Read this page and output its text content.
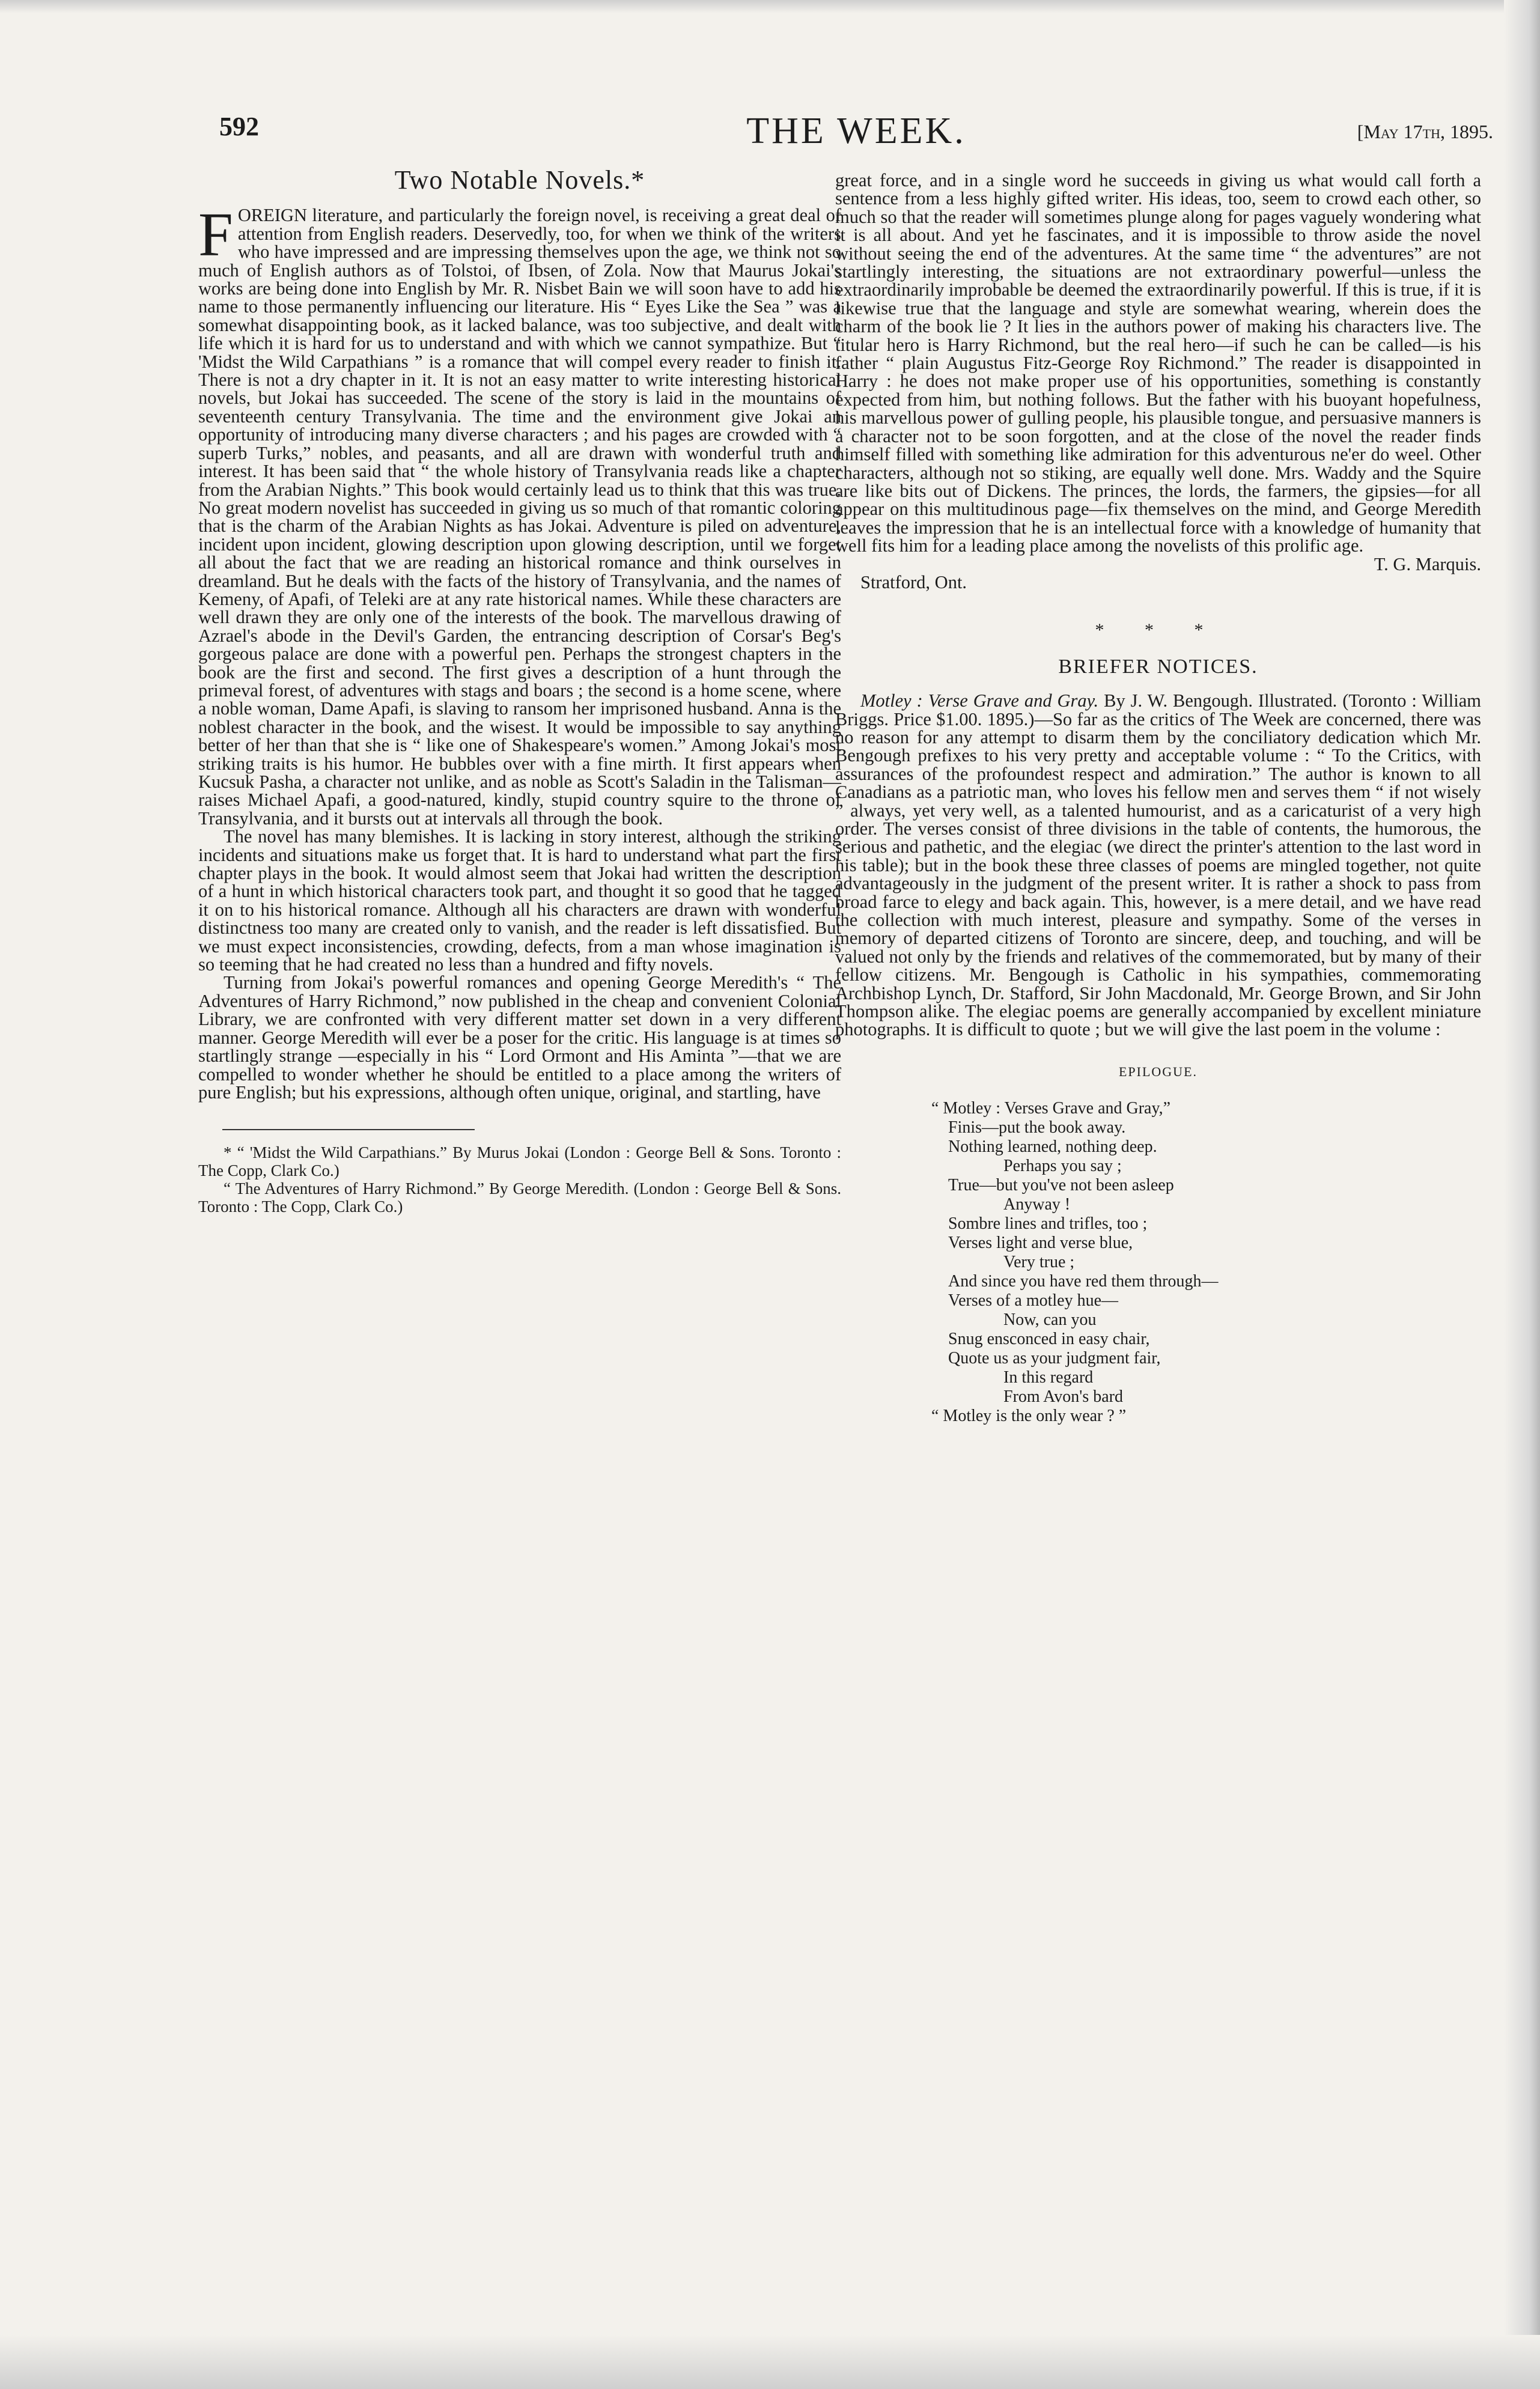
592	THE WEEK.	[May 17th, 1895.
Two Notable Novels.*

FOREIGN literature, and particularly the foreign novel, is receiving a great deal of attention from English readers. Deservedly, too, for when we think of the writers who have impressed and are impressing themselves upon the age, we think not so much of English authors as of Tolstoi, of Ibsen, of Zola. Now that Maurus Jokai's works are being done into English by Mr. R. Nisbet Bain we will soon have to add his name to those permanently influencing our literature. His “ Eyes Like the Sea ” was a somewhat disappointing book, as it lacked balance, was too subjective, and dealt with life which it is hard for us to understand and with which we cannot sympathize. But “ 'Midst the Wild Carpathians ” is a romance that will compel every reader to finish it. There is not a dry chapter in it. It is not an easy matter to write interesting historical novels, but Jokai has succeeded. The scene of the story is laid in the mountains of seventeenth century Transylvania. The time and the environment give Jokai an opportunity of introducing many diverse characters ; and his pages are crowded with “ superb Turks,” nobles, and peasants, and all are drawn with wonderful truth and interest. It has been said that “ the whole history of Transylvania reads like a chapter from the Arabian Nights.” This book would certainly lead us to think that this was true. No great modern novelist has succeeded in giving us so much of that romantic coloring that is the charm of the Arabian Nights as has Jokai. Adventure is piled on adventure, incident upon incident, glowing description upon glowing description, until we forget all about the fact that we are reading an historical romance and think ourselves in dreamland. But he deals with the facts of the history of Transylvania, and the names of Kemeny, of Apafi, of Teleki are at any rate historical names. While these characters are well drawn they are only one of the interests of the book. The marvellous drawing of Azrael's abode in the Devil's Garden, the entrancing description of Corsar's Beg's gorgeous palace are done with a powerful pen. Perhaps the strongest chapters in the book are the first and second. The first gives a description of a hunt through the primeval forest, of adventures with stags and boars ; the second is a home scene, where a noble woman, Dame Apafi, is slaving to ransom her imprisoned husband. Anna is the noblest character in the book, and the wisest. It would be impossible to say anything better of her than that she is “ like one of Shakespeare's women.” Among Jokai's most striking traits is his humor. He bubbles over with a fine mirth. It first appears when Kucsuk Pasha, a character not unlike, and as noble as Scott's Saladin in the Talisman—raises Michael Apafi, a good-natured, kindly, stupid country squire to the throne of Transylvania, and it bursts out at intervals all through the book.

The novel has many blemishes. It is lacking in story interest, although the striking incidents and situations make us forget that. It is hard to understand what part the first chapter plays in the book. It would almost seem that Jokai had written the description of a hunt in which historical characters took part, and thought it so good that he tagged it on to his historical romance. Although all his characters are drawn with wonderful distinctness too many are created only to vanish, and the reader is left dissatisfied. But we must expect inconsistencies, crowding, defects, from a man whose imagination is so teeming that he had created no less than a hundred and fifty novels.

Turning from Jokai's powerful romances and opening George Meredith's “ The Adventures of Harry Richmond,” now published in the cheap and convenient Colonial Library, we are confronted with very different matter set down in a very different manner. George Meredith will ever be a poser for the critic. His language is at times so startlingly strange —especially in his “ Lord Ormont and His Aminta ”—that we are compelled to wonder whether he should be entitled to a place among the writers of pure English; but his expressions, although often unique, original, and startling, have

* “ 'Midst the Wild Carpathians.” By Murus Jokai (London : George Bell & Sons. Toronto : The Copp, Clark Co.)

“ The Adventures of Harry Richmond.” By George Meredith. (London : George Bell & Sons. Toronto : The Copp, Clark Co.)

great force, and in a single word he succeeds in giving us what would call forth a sentence from a less highly gifted writer. His ideas, too, seem to crowd each other, so much so that the reader will sometimes plunge along for pages vaguely wondering what it is all about. And yet he fascinates, and it is impossible to throw aside the novel without seeing the end of the adventures. At the same time “ the adventures” are not startlingly interesting, the situations are not extraordinary powerful—unless the extraordinarily improbable be deemed the extraordinarily powerful. If this is true, if it is likewise true that the language and style are somewhat wearing, wherein does the charm of the book lie ? It lies in the authors power of making his characters live. The titular hero is Harry Richmond, but the real hero—if such he can be called—is his father “ plain Augustus Fitz-George Roy Richmond.” The reader is disappointed in Harry : he does not make proper use of his opportunities, something is constantly expected from him, but nothing follows. But the father with his buoyant hopefulness, his marvellous power of gulling people, his plausible tongue, and persuasive manners is a character not to be soon forgotten, and at the close of the novel the reader finds himself filled with something like admiration for this adventurous ne'er do weel. Other characters, although not so stiking, are equally well done. Mrs. Waddy and the Squire are like bits out of Dickens. The princes, the lords, the farmers, the gipsies—for all appear on this multitudinous page—fix themselves on the mind, and George Meredith leaves the impression that he is an intellectual force with a knowledge of humanity that well fits him for a leading place among the novelists of this prolific age.

T. G. Marquis.

Stratford, Ont.

* * *
BRIEFER NOTICES.

Motley : Verse Grave and Gray. By J. W. Bengough. Illustrated. (Toronto : William Briggs. Price $1.00. 1895.)—So far as the critics of The Week are concerned, there was no reason for any attempt to disarm them by the conciliatory dedication which Mr. Bengough prefixes to his very pretty and acceptable volume : “ To the Critics, with assurances of the profoundest respect and admiration.” The author is known to all Canadians as a patriotic man, who loves his fellow men and serves them “ if not wisely ” always, yet very well, as a talented humourist, and as a caricaturist of a very high order. The verses consist of three divisions in the table of contents, the humorous, the serious and pathetic, and the elegiac (we direct the printer's attention to the last word in his table); but in the book these three classes of poems are mingled together, not quite advantageously in the judgment of the present writer. It is rather a shock to pass from broad farce to elegy and back again. This, however, is a mere detail, and we have read the collection with much interest, pleasure and sympathy. Some of the verses in memory of departed citizens of Toronto are sincere, deep, and touching, and will be valued not only by the friends and relatives of the commemorated, but by many of their fellow citizens. Mr. Bengough is Catholic in his sympathies, commemorating Archbishop Lynch, Dr. Stafford, Sir John Macdonald, Mr. George Brown, and Sir John Thompson alike. The elegiac poems are generally accompanied by excellent miniature photographs. It is difficult to quote ; but we will give the last poem in the volume :

EPILOGUE.
“ Motley : Verses Grave and Gray,”
Finis—put the book away.
Nothing learned, nothing deep.
Perhaps you say ;
True—but you've not been asleep
Anyway !
Sombre lines and trifles, too ;
Verses light and verse blue,
Very true ;
And since you have red them through—
Verses of a motley hue—
Now, can you
Snug ensconced in easy chair,
Quote us as your judgment fair,
In this regard
From Avon's bard
“ Motley is the only wear ? ”
